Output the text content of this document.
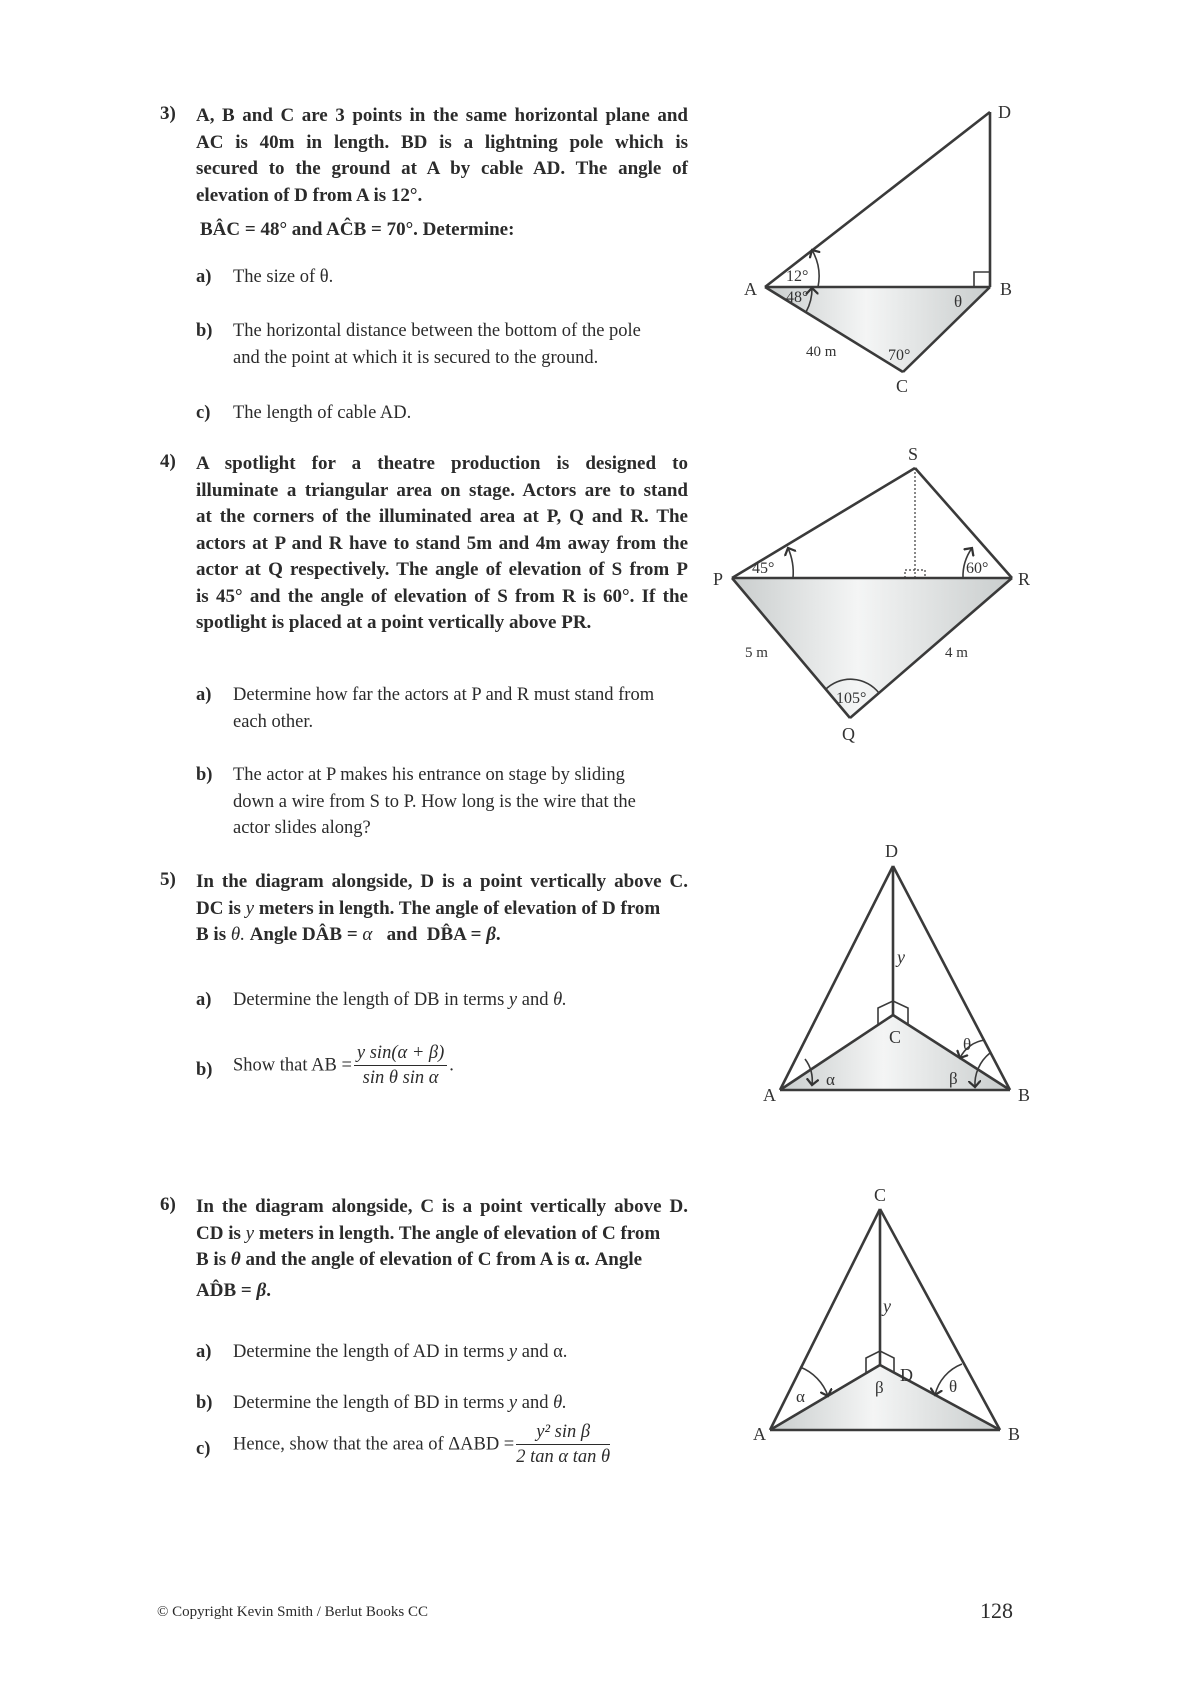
3) A, B and C are 3 points in the same horizontal plane and
AC is 40m in length. BD is a lightning pole which is
secured to the ground at A by cable AD. The angle of
elevation of D from A is 12°.
BÂC = 48° and AĈB = 70°. Determine:
a) The size of θ.
b) The horizontal distance between the bottom of the pole
and the point at which it is secured to the ground.
c) The length of cable AD.
4) A spotlight for a theatre production is designed to
illuminate a triangular area on stage. Actors are to stand
at the corners of the illuminated area at P, Q and R. The
actors at P and R have to stand 5m and 4m away from the
actor at Q respectively. The angle of elevation of S from P
is 45° and the angle of elevation of S from R is 60°. If the
spotlight is placed at a point vertically above PR.
a) Determine how far the actors at P and R must stand from
each other.
b) The actor at P makes his entrance on stage by sliding
down a wire from S to P. How long is the wire that the
actor slides along?
5) In the diagram alongside, D is a point vertically above C.
DC is y meters in length. The angle of elevation of D from
B is θ. Angle DÂB = α   and  DB̂A = β.
a) Determine the length of DB in terms y and θ.
b) Show that AB = $\frac{\text{y sin(α + β)}}{\text{sin θ sin α}}$ .
6) In the diagram alongside, C is a point vertically above D.
CD is y meters in length. The angle of elevation of C from
B is θ and the angle of elevation of C from A is α. Angle
AD̂B = β.
a) Determine the length of AD in terms y and α.
b) Determine the length of BD in terms y and θ.
c) Hence, show that the area of $\Delta ABD = \frac{\text{y² sin β}}{\text{2 tan α tan θ}}$
A	B
C
D
12°
48°
70°
θ
40 m
P	R
S
Q
45°	60°
105°
5 m	4 m
A	B
C
D
y
α	β
θ
A	B
C
D
y
α	β	θ
© Copyright Kevin Smith / Berlut Books CC	128
